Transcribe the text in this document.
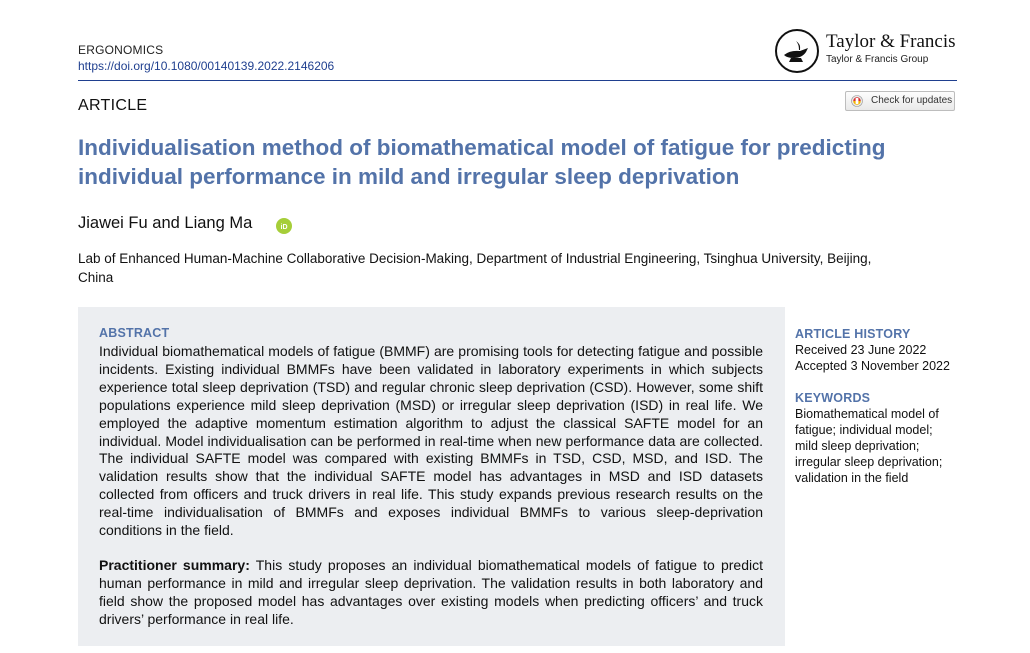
ERGONOMICS
https://doi.org/10.1080/00140139.2022.2146206
Taylor & Francis
Taylor & Francis Group
ARTICLE	Check for updates
Individualisation method of biomathematical model of fatigue for predicting individual performance in mild and irregular sleep deprivation
Jiawei Fu and Liang Ma	iD
Lab of Enhanced Human-Machine Collaborative Decision-Making, Department of Industrial Engineering, Tsinghua University, Beijing, China
ABSTRACT

Individual biomathematical models of fatigue (BMMF) are promising tools for detecting fatigue and possible incidents. Existing individual BMMFs have been validated in laboratory experiments in which subjects experience total sleep deprivation (TSD) and regular chronic sleep deprivation (CSD). However, some shift populations experience mild sleep deprivation (MSD) or irregular sleep deprivation (ISD) in real life. We employed the adaptive momentum estimation algorithm to adjust the classical SAFTE model for an individual. Model individualisation can be performed in real-time when new performance data are collected. The individual SAFTE model was compared with existing BMMFs in TSD, CSD, MSD, and ISD. The validation results show that the individual SAFTE model has advantages in MSD and ISD datasets collected from officers and truck drivers in real life. This study expands previous research results on the real-time individualisation of BMMFs and exposes individual BMMFs to various sleep-deprivation conditions in the field.

Practitioner summary: This study proposes an individual biomathematical models of fatigue to predict human performance in mild and irregular sleep deprivation. The validation results in both laboratory and field show the proposed model has advantages over existing models when predicting officers’ and truck drivers’ performance in real life.

ARTICLE HISTORY

Received 23 June 2022

Accepted 3 November 2022

KEYWORDS

Biomathematical model of

fatigue; individual model;

mild sleep deprivation;

irregular sleep deprivation;

validation in the field
